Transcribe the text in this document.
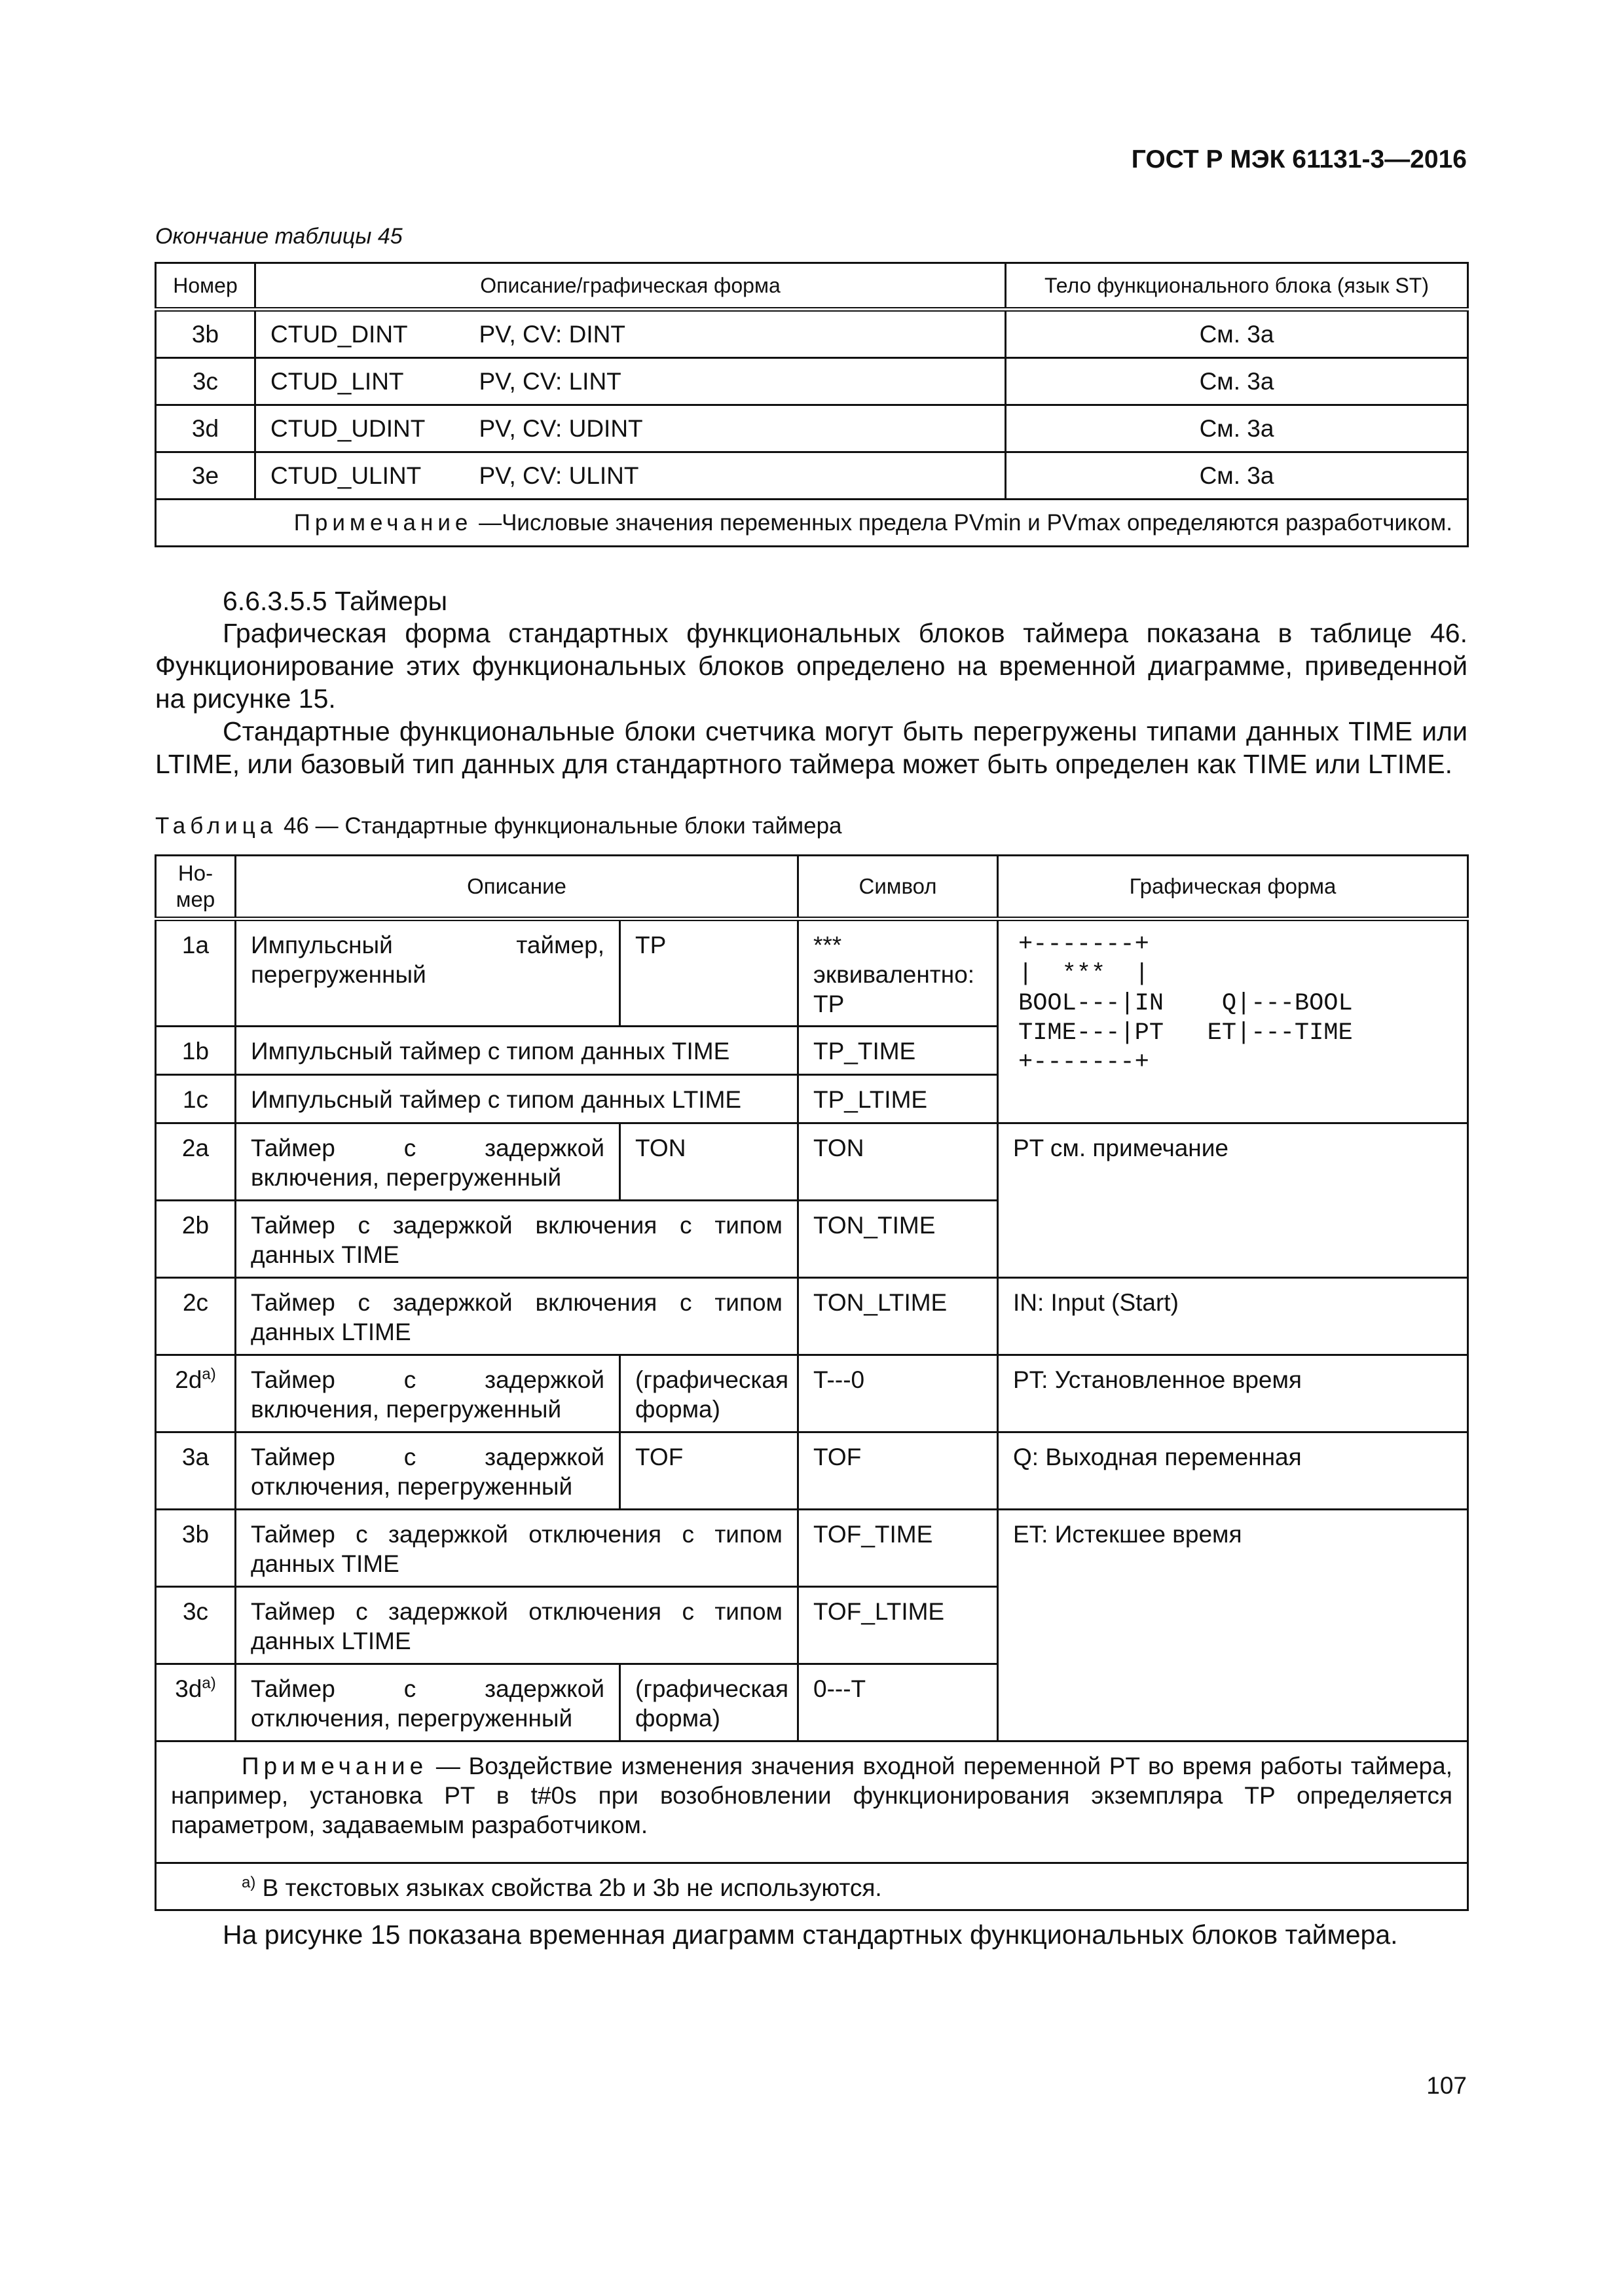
ГОСТ Р МЭК 61131-3—2016
Окончание таблицы 45
Номер	Описание/графическая форма		Тело функционального блока (язык ST)
3b	CTUD_DINT	PV, CV: DINT	См. 3a
3c	CTUD_LINT	PV, CV: LINT	См. 3a
3d	CTUD_UDINT	PV, CV: UDINT	См. 3a
3e	CTUD_ULINT	PV, CV: ULINT	См. 3a
Примечание —Числовые значения переменных предела PVmin и PVmax определяются разработчиком.			
6.6.3.5.5 Таймеры
Графическая форма стандартных функциональных блоков таймера показана в таблице 46. Функционирование этих функциональных блоков определено на временной диаграмме, приведенной на рисунке 15.
Стандартные функциональные блоки счетчика могут быть перегружены типами данных TIME или LTIME, или базовый тип данных для стандартного таймера может быть определен как TIME или LTIME.
Таблица 46 — Стандартные функциональные блоки таймера
Но-мер	Описание		Символ	Графическая форма
1a	Импульсный таймер, перегруженный	TP	*** эквивалентно: TP	+-------+
|  ***  |
BOOL---|IN    Q|---BOOL
TIME---|PT   ET|---TIME
+-------+
1b	Импульсный таймер с типом данных TIME		TP_TIME	
1c	Импульсный таймер с типом данных LTIME		TP_LTIME	
2a	Таймер с задержкой включения, перегруженный	TON	TON	PT см. примечание
2b	Таймер с задержкой включения с типом данных TIME		TON_TIME	
2c	Таймер с задержкой включения с типом данных LTIME		TON_LTIME	IN: Input (Start)
$2d^{a)}$	Таймер с задержкой включения, перегруженный	(графическая форма)	T---0	PT: Установленное время
3a	Таймер с задержкой отключения, перегруженный	TOF	TOF	Q: Выходная переменная
3b	Таймер с задержкой отключения с типом данных TIME		TOF_TIME	ET: Истекшее время
3c	Таймер с задержкой отключения с типом данных LTIME		TOF_LTIME	
$3d^{a)}$	Таймер с задержкой отключения, перегруженный	(графическая форма)	0---T	
Примечание — Воздействие изменения значения входной переменной PT во время работы таймера, например, установка PT в t#0s при возобновлении функционирования экземпляра TP определяется параметром, задаваемым разработчиком.				
$^{a)}$ В текстовых языках свойства 2b и 3b не используются.				
На рисунке 15 показана временная диаграмм стандартных функциональных блоков таймера.
107
